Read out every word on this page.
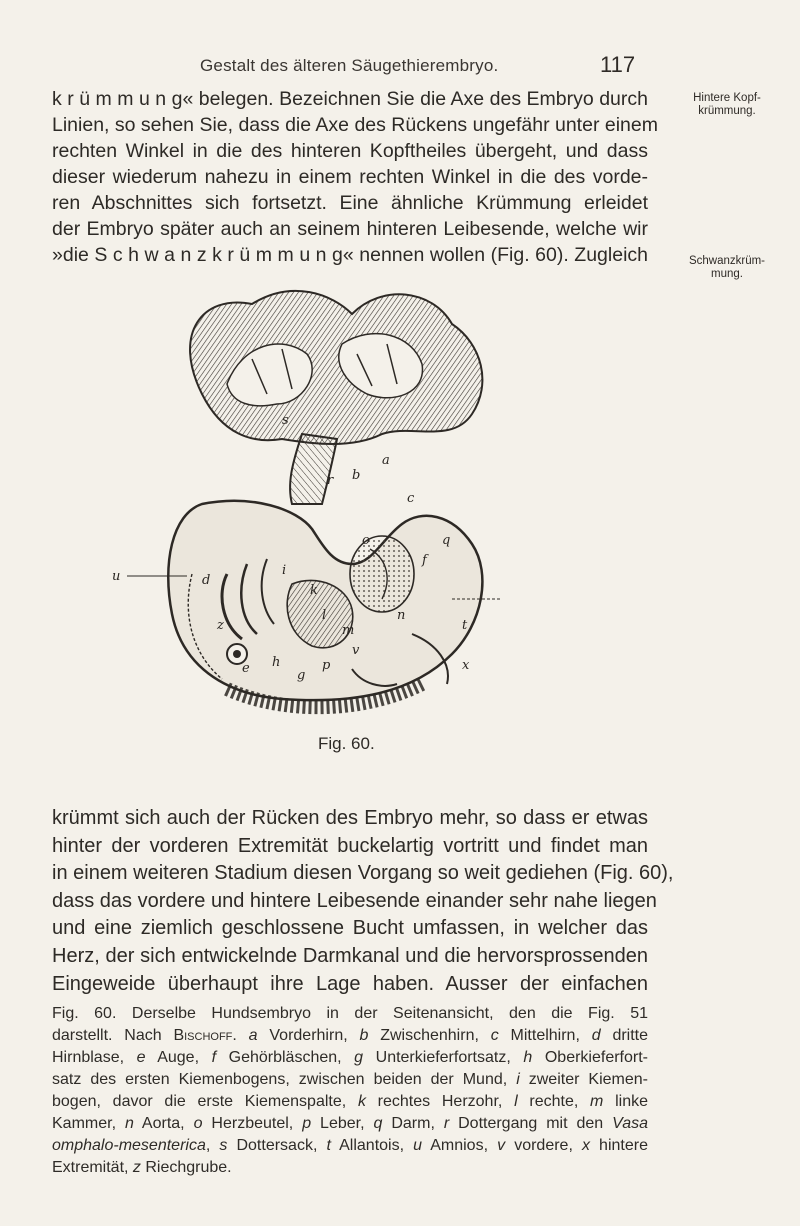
Gestalt des älteren Säugethierembryo.	117
k r ü m m u n g« belegen. Bezeichnen Sie die Axe des Embryo durch
Linien, so sehen Sie, dass die Axe des Rückens ungefähr unter einem
rechten Winkel in die des hinteren Kopftheiles übergeht, und dass
dieser wiederum nahezu in einem rechten Winkel in die des vorde-
ren Abschnittes sich fortsetzt. Eine ähnliche Krümmung erleidet
der Embryo später auch an seinem hinteren Leibesende, welche wir
»die S c h w a n z k r ü m m u n g« nennen wollen (Fig. 60). Zugleich
Hintere Kopf-
krümmung.
Schwanzkrüm-
mung.
a
b
c
d
e
f
g
h
i
k
l
m
n
o
p
q
r
s
t
u
v
x
z
Fig. 60.
krümmt sich auch der Rücken des Embryo mehr, so dass er etwas
hinter der vorderen Extremität buckelartig vortritt und findet man
in einem weiteren Stadium diesen Vorgang so weit gediehen (Fig. 60),
dass das vordere und hintere Leibesende einander sehr nahe liegen
und eine ziemlich geschlossene Bucht umfassen, in welcher das
Herz, der sich entwickelnde Darmkanal und die hervorsprossenden
Eingeweide überhaupt ihre Lage haben. Ausser der einfachen
Fig. 60. Derselbe Hundsembryo in der Seitenansicht, den die Fig. 51
darstellt. Nach Bischoff. a Vorderhirn, b Zwischenhirn, c Mittelhirn, d dritte
Hirnblase, e Auge, f Gehörbläschen, g Unterkieferfortsatz, h Oberkieferfort-
satz des ersten Kiemenbogens, zwischen beiden der Mund, i zweiter Kiemen-
bogen, davor die erste Kiemenspalte, k rechtes Herzohr, l rechte, m linke
Kammer, n Aorta, o Herzbeutel, p Leber, q Darm, r Dottergang mit den Vasa
omphalo-mesenterica, s Dottersack, t Allantois, u Amnios, v vordere, x hintere
Extremität, z Riechgrube.
